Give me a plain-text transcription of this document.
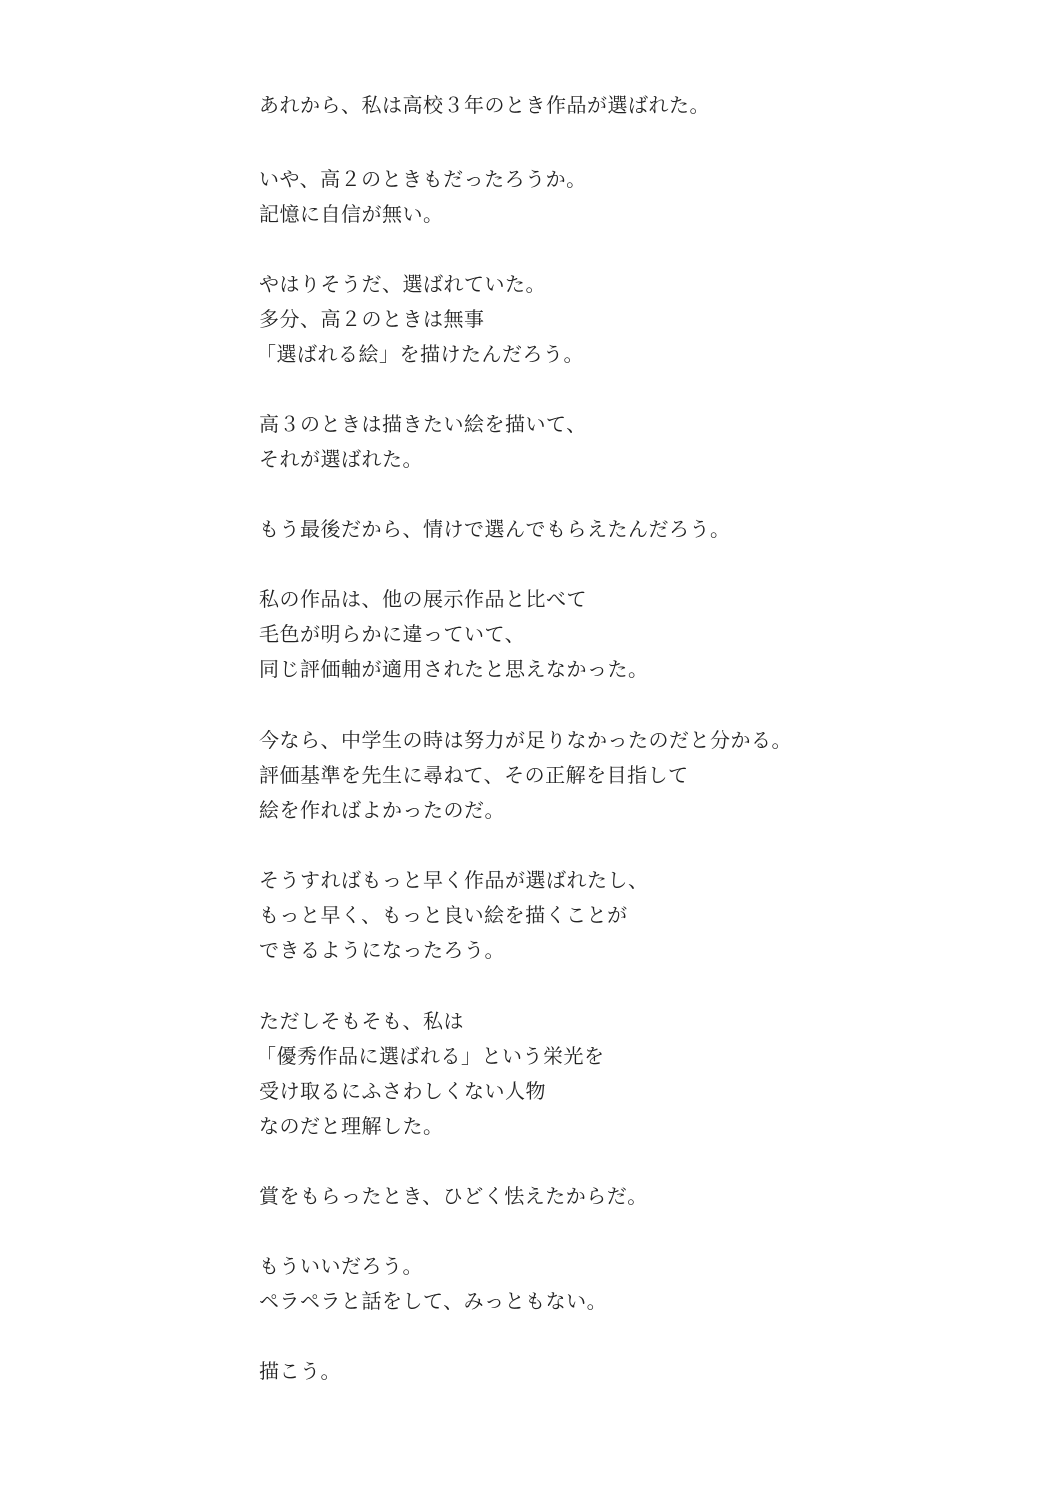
あれから、私は高校３年のとき作品が選ばれた。
いや、高２のときもだったろうか。
記憶に自信が無い。
やはりそうだ、選ばれていた。
多分、高２のときは無事
「選ばれる絵」を描けたんだろう。
高３のときは描きたい絵を描いて、
それが選ばれた。
もう最後だから、情けで選んでもらえたんだろう。
私の作品は、他の展示作品と比べて
毛色が明らかに違っていて、
同じ評価軸が適用されたと思えなかった。
今なら、中学生の時は努力が足りなかったのだと分かる。
評価基準を先生に尋ねて、その正解を目指して
絵を作ればよかったのだ。
そうすればもっと早く作品が選ばれたし、
もっと早く、もっと良い絵を描くことが
できるようになったろう。
ただしそもそも、私は
「優秀作品に選ばれる」という栄光を
受け取るにふさわしくない人物
なのだと理解した。
賞をもらったとき、ひどく怯えたからだ。
もういいだろう。
ペラペラと話をして、みっともない。
描こう。
